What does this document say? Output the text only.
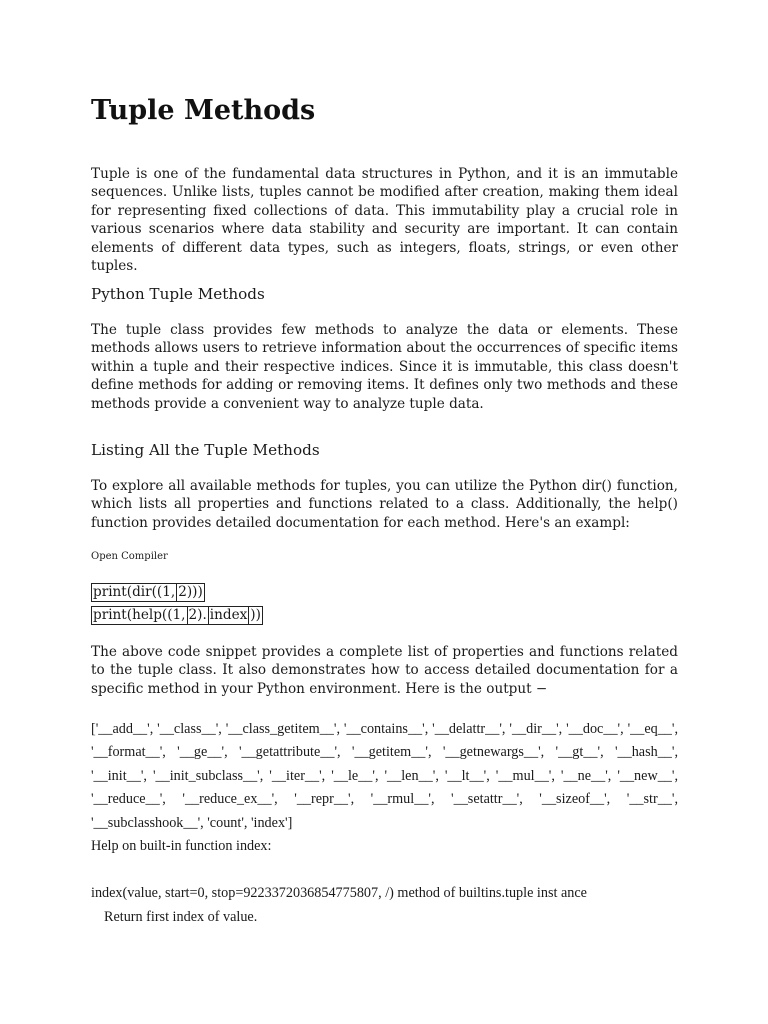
Tuple Methods

Tuple is one of the fundamental data structures in Python, and it is an immutable sequences. Unlike lists, tuples cannot be modified after creation, making them ideal for representing fixed collections of data. This immutability play a crucial role in various scenarios where data stability and security are important. It can contain elements of different data types, such as integers, floats, strings, or even other tuples.

Python Tuple Methods

The tuple class provides few methods to analyze the data or elements. These methods allows users to retrieve information about the occurrences of specific items within a tuple and their respective indices. Since it is immutable, this class doesn't define methods for adding or removing items. It defines only two methods and these methods provide a convenient way to analyze tuple data.

Listing All the Tuple Methods

To explore all available methods for tuples, you can utilize the Python dir() function, which lists all properties and functions related to a class. Additionally, the help() function provides detailed documentation for each method. Here's an exampl:

Open Compiler
print(dir((1, 2)))
print(help((1, 2). index ))

The above code snippet provides a complete list of properties and functions related to the tuple class. It also demonstrates how to access detailed documentation for a specific method in your Python environment. Here is the output −

['__add__', '__class__', '__class_getitem__', '__contains__', '__delattr__', '__dir__', '__doc__', '__eq__', '__format__', '__ge__', '__getattribute__', '__getitem__', '__getnewargs__', '__gt__', '__hash__', '__init__', '__init_subclass__', '__iter__', '__le__', '__len__', '__lt__', '__mul__', '__ne__', '__new__', '__reduce__', '__reduce_ex__', '__repr__', '__rmul__', '__setattr__', '__sizeof__', '__str__', '__subclasshook__', 'count', 'index']

Help on built-in function index:
index(value, start=0, stop=9223372036854775807, /) method of builtins.tuple inst ance
Return first index of value.
